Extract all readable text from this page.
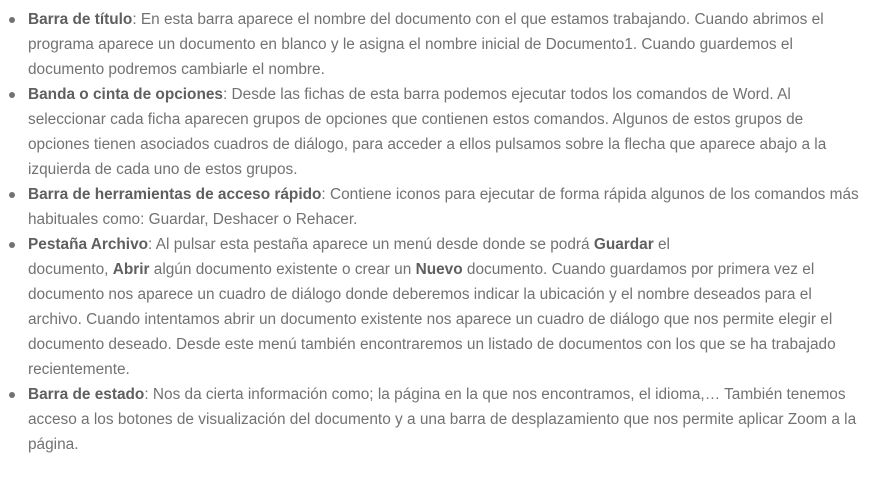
Barra de título: En esta barra aparece el nombre del documento con el que estamos trabajando. Cuando abrimos el programa aparece un documento en blanco y le asigna el nombre inicial de Documento1. Cuando guardemos el documento podremos cambiarle el nombre.
Banda o cinta de opciones: Desde las fichas de esta barra podemos ejecutar todos los comandos de Word. Al seleccionar cada ficha aparecen grupos de opciones que contienen estos comandos. Algunos de estos grupos de opciones tienen asociados cuadros de diálogo, para acceder a ellos pulsamos sobre la flecha que aparece abajo a la izquierda de cada uno de estos grupos.
Barra de herramientas de acceso rápido: Contiene iconos para ejecutar de forma rápida algunos de los comandos más habituales como: Guardar, Deshacer o Rehacer.
Pestaña Archivo: Al pulsar esta pestaña aparece un menú desde donde se podrá Guardar el
documento, Abrir algún documento existente o crear un Nuevo documento. Cuando guardamos por primera vez el documento nos aparece un cuadro de diálogo donde deberemos indicar la ubicación y el nombre deseados para el archivo. Cuando intentamos abrir un documento existente nos aparece un cuadro de diálogo que nos permite elegir el documento deseado. Desde este menú también encontraremos un listado de documentos con los que se ha trabajado recientemente.
Barra de estado: Nos da cierta información como; la página en la que nos encontramos, el idioma,… También tenemos acceso a los botones de visualización del documento y a una barra de desplazamiento que nos permite aplicar Zoom a la página.
